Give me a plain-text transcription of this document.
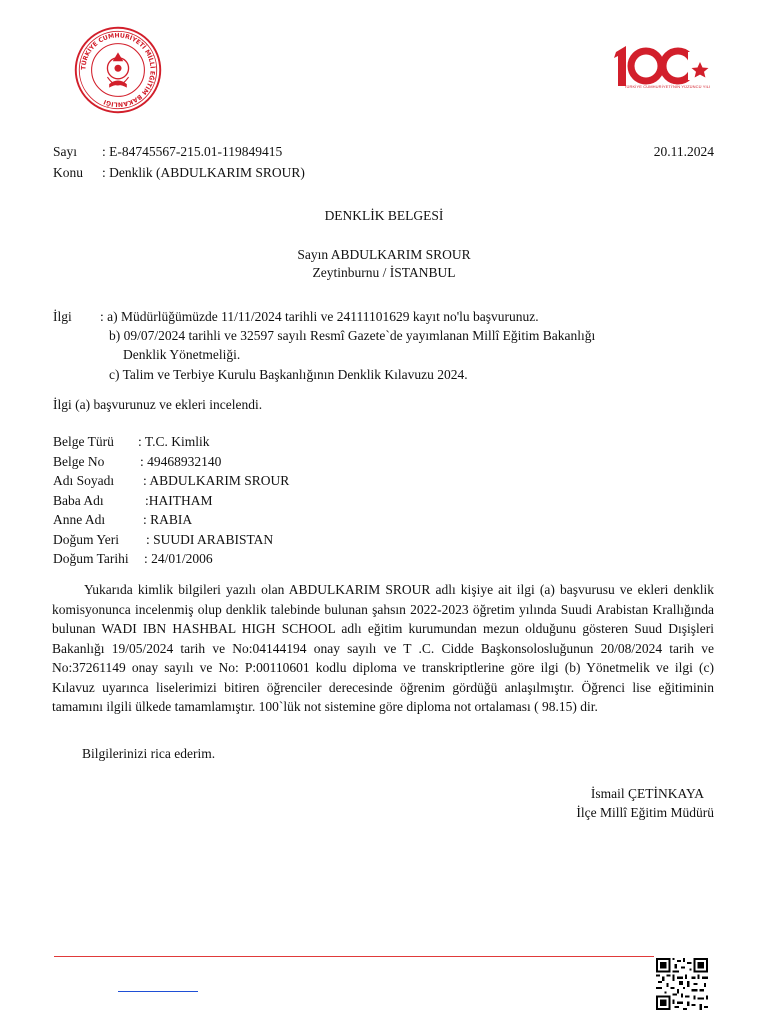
TÜRKİYE CUMHURİYETİ MİLLÎ EĞİTİM BAKANLIĞI
TÜRKİYE CUMHURİYETİ'NİN YÜZÜNCÜ YILI
Sayı : E-84745567-215.01-119849415	20.11.2024
Konu : Denklik (ABDULKARIM SROUR)
DENKLİK BELGESİ
Sayın ABDULKARIM SROUR
Zeytinburnu / İSTANBUL
İlgi : a) Müdürlüğümüzde 11/11/2024 tarihli ve 24111101629 kayıt no'lu başvurunuz.
b) 09/07/2024 tarihli ve 32597 sayılı Resmî Gazete`de yayımlanan Millî Eğitim Bakanlığı
Denklik Yönetmeliği.
c) Talim ve Terbiye Kurulu Başkanlığının Denklik Kılavuzu 2024.
İlgi (a) başvurunuz ve ekleri incelendi.
Belge Türü : T.C. Kimlik
Belge No	: 49468932140
Adı Soyadı : ABDULKARIM SROUR
Baba Adı	:HAITHAM
Anne Adı	: RABIA
Doğum Yeri : SUUDI ARABISTAN
Doğum Tarihi : 24/01/2006
Yukarıda kimlik bilgileri yazılı olan ABDULKARIM SROUR adlı kişiye ait ilgi (a) başvurusu ve ekleri denklik komisyonunca incelenmiş olup denklik talebinde bulunan şahsın 2022-2023 öğretim yılında Suudi Arabistan Krallığında bulunan WADI IBN HASHBAL HIGH SCHOOL adlı eğitim kurumundan mezun olduğunu gösteren Suud Dışişleri Bakanlığı 19/05/2024 tarih ve No:04144194 onay sayılı ve T .C. Cidde Başkonsolosluğunun 20/08/2024 tarih ve No:37261149 onay sayılı ve No: P:00110601 kodlu diploma ve transkriptlerine göre ilgi (b) Yönetmelik ve ilgi (c) Kılavuz uyarınca liselerimizi bitiren öğrenciler derecesinde öğrenim gördüğü anlaşılmıştır. Öğrenci lise eğitiminin tamamını ilgili ülkede tamamlamıştır. 100`lük not sistemine göre diploma not ortalaması ( 98.15) dir.
Bilgilerinizi rica ederim.
İsmail ÇETİNKAYA
İlçe Millî Eğitim Müdürü
